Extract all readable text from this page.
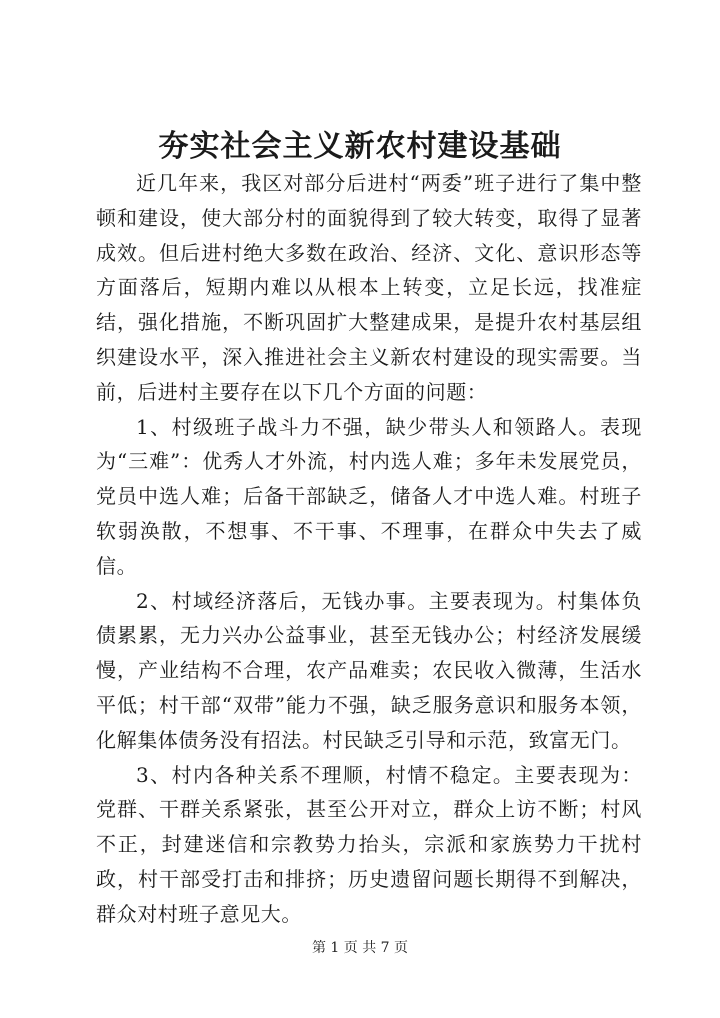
夯实社会主义新农村建设基础

近几年来，我区对部分后进村“两委”班子进行了集中整顿和建设，使大部分村的面貌得到了较大转变，取得了显著成效。但后进村绝大多数在政治、经济、文化、意识形态等方面落后，短期内难以从根本上转变，立足长远，找准症结，强化措施，不断巩固扩大整建成果，是提升农村基层组织建设水平，深入推进社会主义新农村建设的现实需要。当前，后进村主要存在以下几个方面的问题：

1、村级班子战斗力不强，缺少带头人和领路人。表现为“三难”：优秀人才外流，村内选人难；多年未发展党员，党员中选人难；后备干部缺乏，储备人才中选人难。村班子软弱涣散，不想事、不干事、不理事，在群众中失去了威信。

2、村域经济落后，无钱办事。主要表现为。村集体负债累累，无力兴办公益事业，甚至无钱办公；村经济发展缓慢，产业结构不合理，农产品难卖；农民收入微薄，生活水平低；村干部“双带”能力不强，缺乏服务意识和服务本领，化解集体债务没有招法。村民缺乏引导和示范，致富无门。

3、村内各种关系不理顺，村情不稳定。主要表现为：党群、干群关系紧张，甚至公开对立，群众上访不断；村风不正，封建迷信和宗教势力抬头，宗派和家族势力干扰村政，村干部受打击和排挤；历史遗留问题长期得不到解决，群众对村班子意见大。

第 1 页 共 7 页
